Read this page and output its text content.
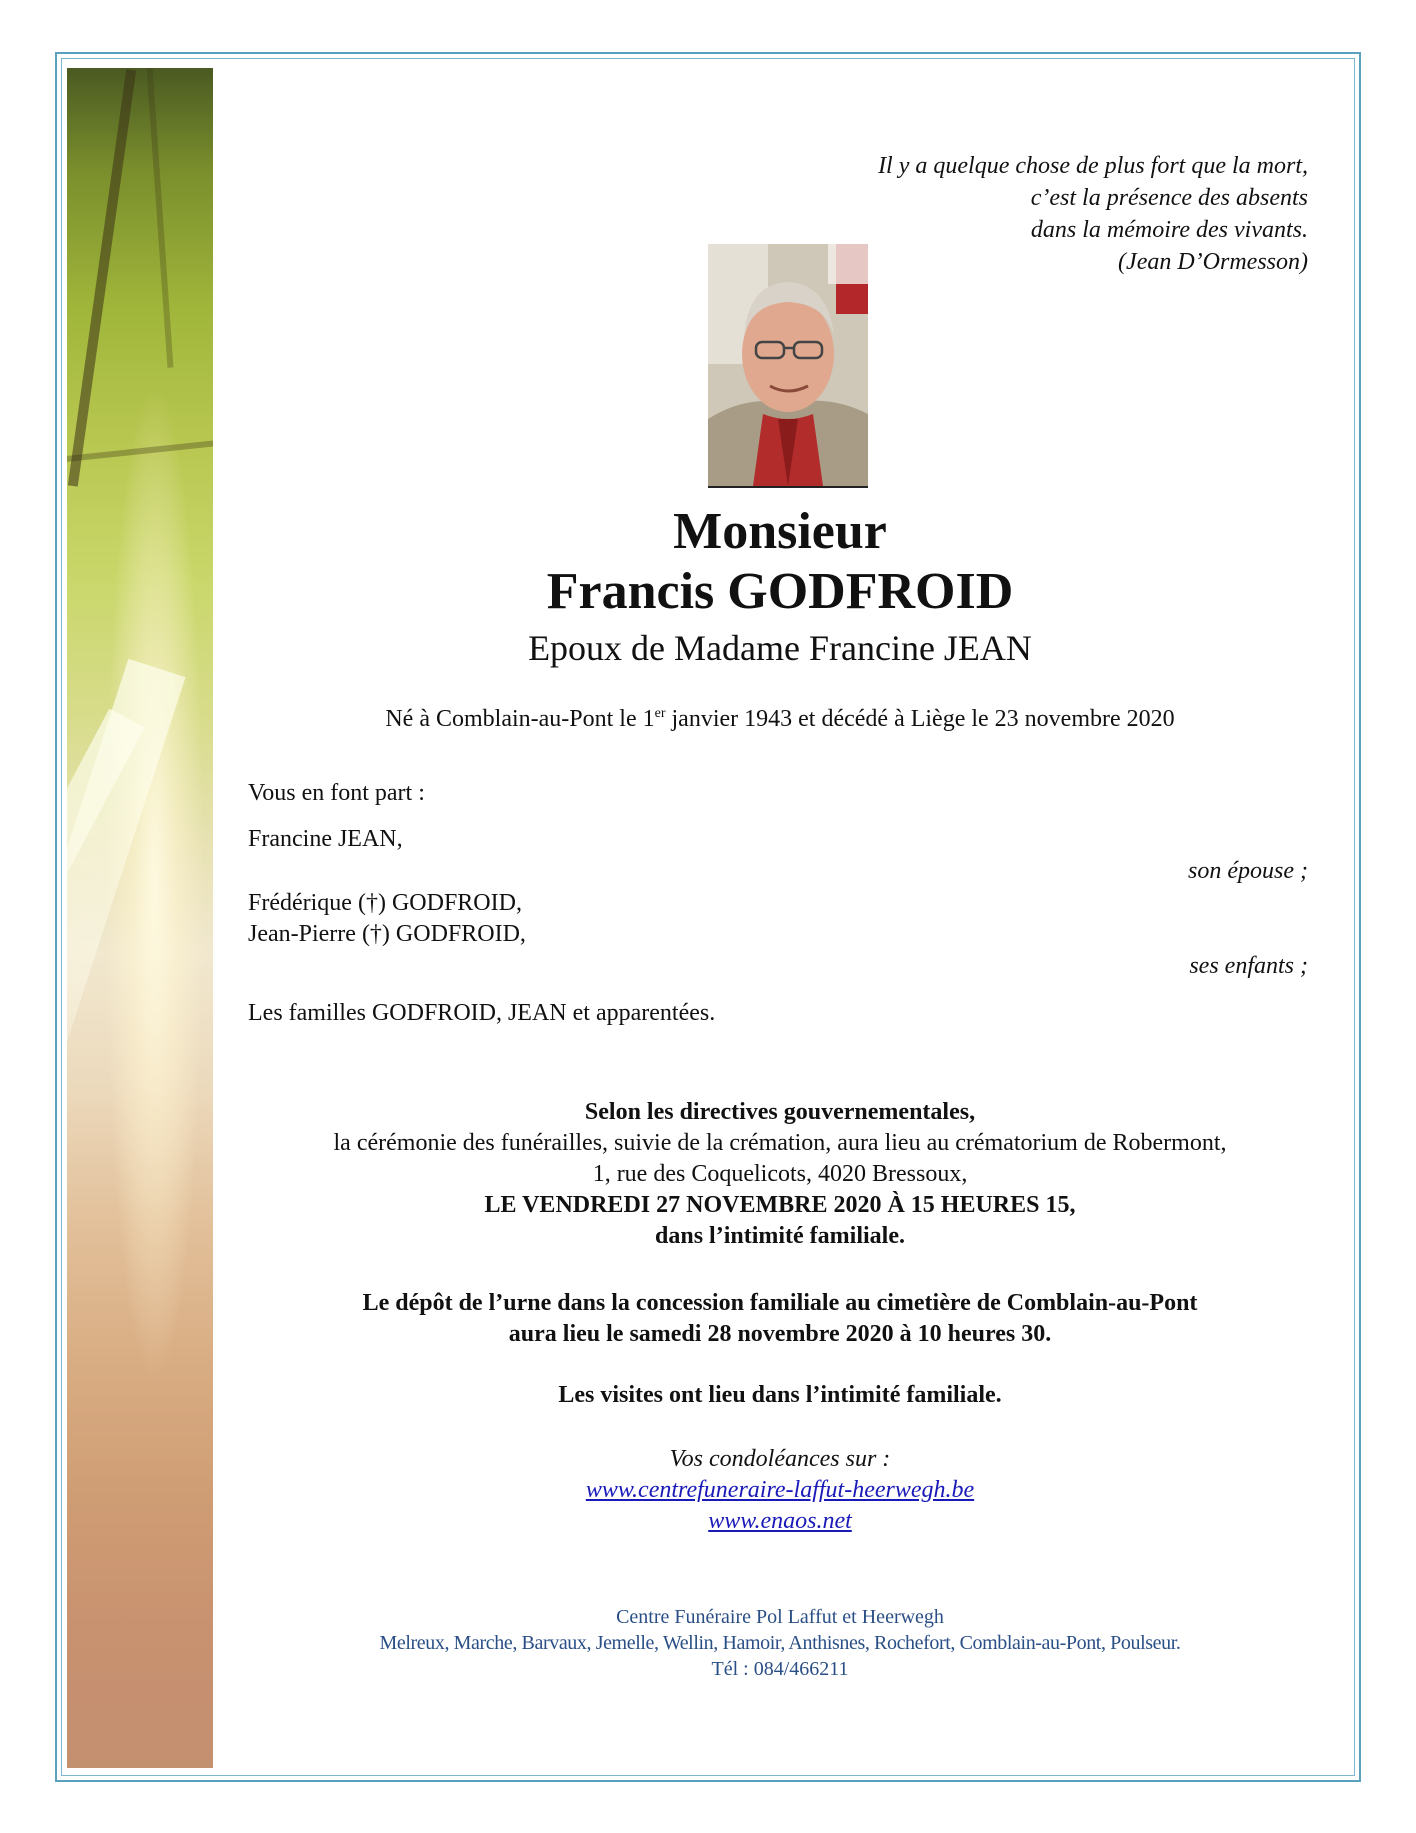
Il y a quelque chose de plus fort que la mort,
c’est la présence des absents
dans la mémoire des vivants.
(Jean D’Ormesson)
Monsieur
Francis GODFROID
Epoux de Madame Francine JEAN
Né à Comblain-au-Pont le 1er janvier 1943 et décédé à Liège le 23 novembre 2020
Vous en font part :
Francine JEAN,
son épouse ;
Frédérique (†) GODFROID,
Jean-Pierre (†) GODFROID,
ses enfants ;
Les familles GODFROID, JEAN et apparentées.
Selon les directives gouvernementales,
la cérémonie des funérailles, suivie de la crémation, aura lieu au crématorium de Robermont,
1, rue des Coquelicots, 4020 Bressoux,
LE VENDREDI 27 NOVEMBRE 2020 À 15 HEURES 15,
dans l’intimité familiale.
Le dépôt de l’urne dans la concession familiale au cimetière de Comblain-au-Pont
aura lieu le samedi 28 novembre 2020 à 10 heures 30.
Les visites ont lieu dans l’intimité familiale.
Vos condoléances sur :
www.centrefuneraire-laffut-heerwegh.be
www.enaos.net
Centre Funéraire Pol Laffut et Heerwegh
Melreux, Marche, Barvaux, Jemelle, Wellin, Hamoir, Anthisnes, Rochefort, Comblain-au-Pont, Poulseur.
Tél : 084/466211
